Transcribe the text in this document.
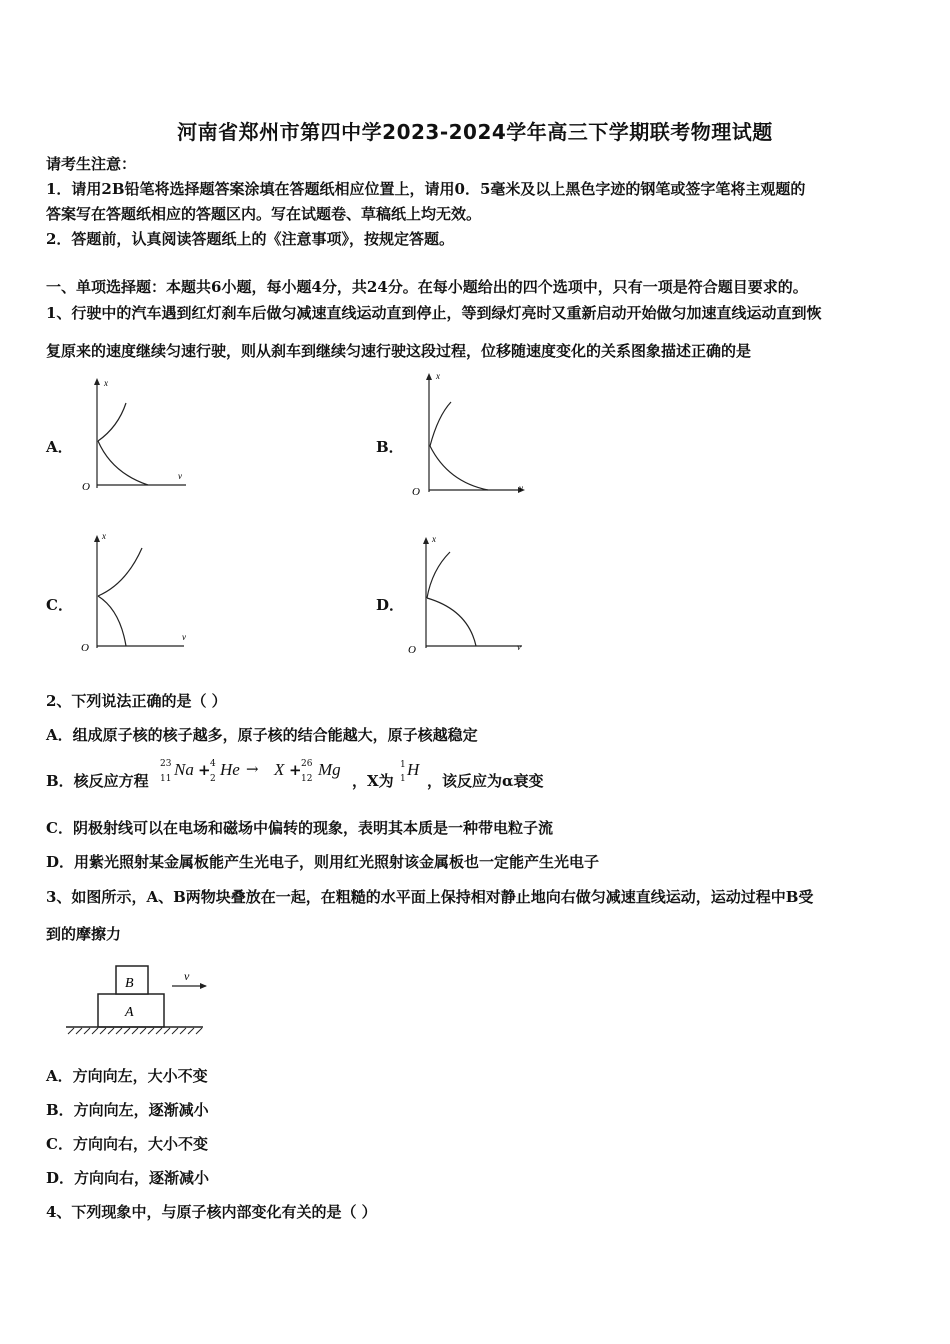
河南省郑州市第四中学2023-2024学年高三下学期联考物理试题
请考生注意：
1．请用2B铅笔将选择题答案涂填在答题纸相应位置上，请用0．5毫米及以上黑色字迹的钢笔或签字笔将主观题的
答案写在答题纸相应的答题区内。写在试题卷、草稿纸上均无效。
2．答题前，认真阅读答题纸上的《注意事项》，按规定答题。
一、单项选择题：本题共6小题，每小题4分，共24分。在每小题给出的四个选项中，只有一项是符合题目要求的。
1、行驶中的汽车遇到红灯刹车后做匀减速直线运动直到停止，等到绿灯亮时又重新启动开始做匀加速直线运动直到恢
复原来的速度继续匀速行驶，则从刹车到继续匀速行驶这段过程，位移随速度变化的关系图象描述正确的是
A．
x
v
O
B．
x
v
O
C．
x
v
O
D．
x
v
O
2、下列说法正确的是（ ）
A．组成原子核的核子越多，原子核的结合能越大，原子核越稳定
B．核反应方程
23
11 Na + 4
2 He → X + 26
12 Mg
，X为
1
1 H
，该反应为α衰变
C．阴极射线可以在电场和磁场中偏转的现象，表明其本质是一种带电粒子流
D．用紫光照射某金属板能产生光电子，则用红光照射该金属板也一定能产生光电子
3、如图所示，A、B两物块叠放在一起，在粗糙的水平面上保持相对静止地向右做匀减速直线运动，运动过程中B受
到的摩擦力
B
A
v
A．方向向左，大小不变
B．方向向左，逐渐减小
C．方向向右，大小不变
D．方向向右，逐渐减小
4、下列现象中，与原子核内部变化有关的是（ ）
